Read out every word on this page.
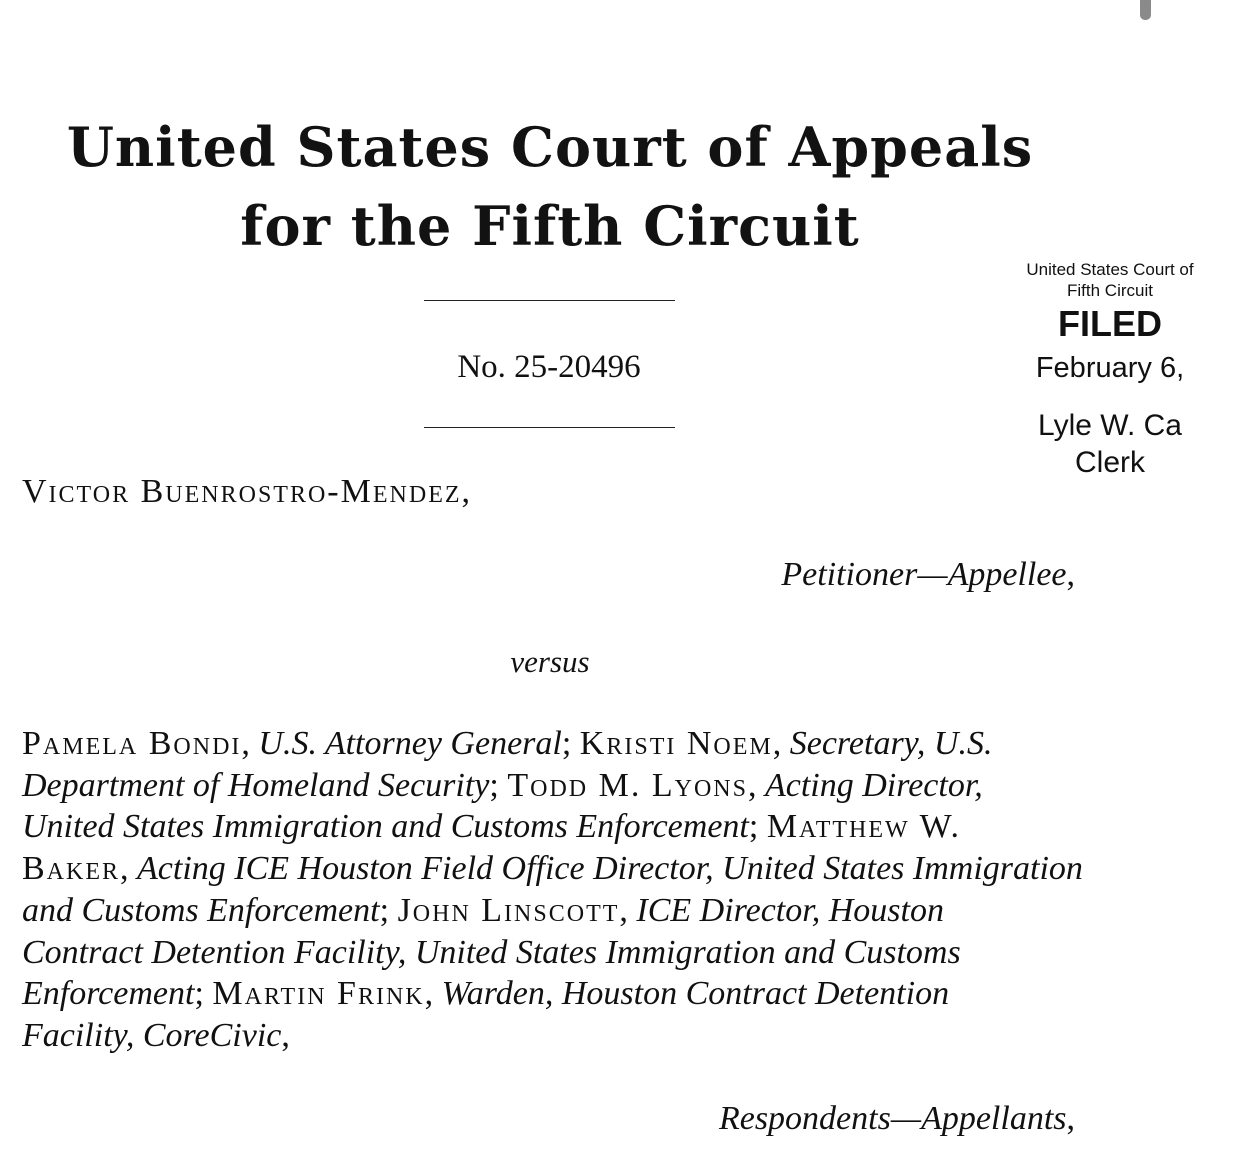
United States Court of Appeals
for the Fifth Circuit

No. 25-20496

United States Court of
Fifth Circuit
FILED
February 6,
Lyle W. Ca
Clerk

Victor Buenrostro-Mendez,

Petitioner—Appellee,

versus

Pamela Bondi, U.S. Attorney General; Kristi Noem, Secretary, U.S.
Department of Homeland Security; Todd M. Lyons, Acting Director,
United States Immigration and Customs Enforcement; Matthew W.
Baker, Acting ICE Houston Field Office Director, United States Immigration
and Customs Enforcement; John Linscott, ICE Director, Houston
Contract Detention Facility, United States Immigration and Customs
Enforcement; Martin Frink, Warden, Houston Contract Detention
Facility, CoreCivic,

Respondents—Appellants,
